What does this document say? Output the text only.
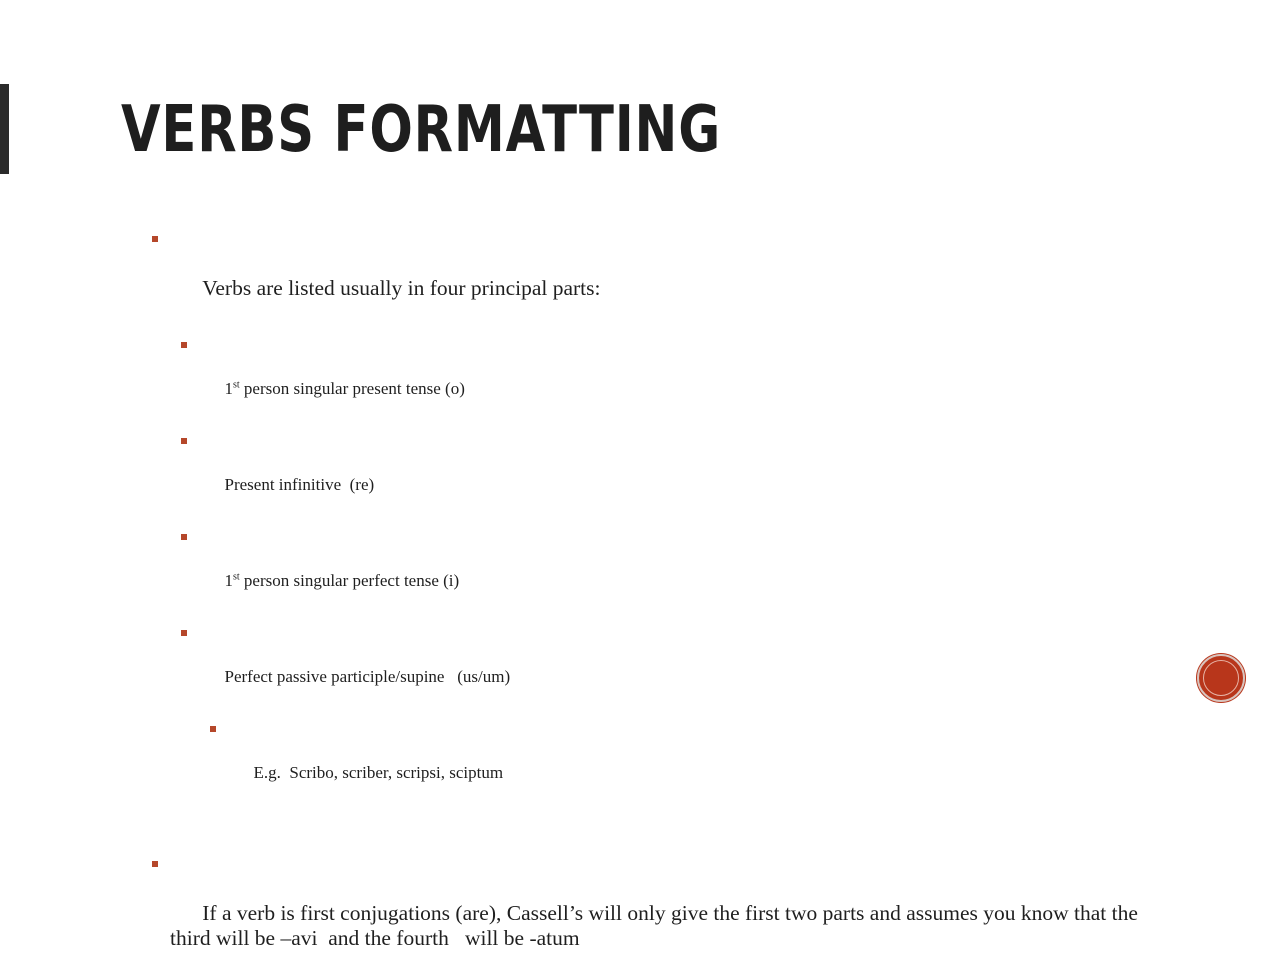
VERBS FORMATTING

Verbs are listed usually in four principal parts:

1st person singular present tense (o)

Present infinitive  (re)

1st person singular perfect tense (i)

Perfect passive participle/supine   (us/um)

E.g.  Scribo, scriber, scripsi, sciptum

If a verb is first conjugations (are), Cassell’s will only give the first two parts and assumes you know that the third will be –avi  and the fourth   will be -atum
